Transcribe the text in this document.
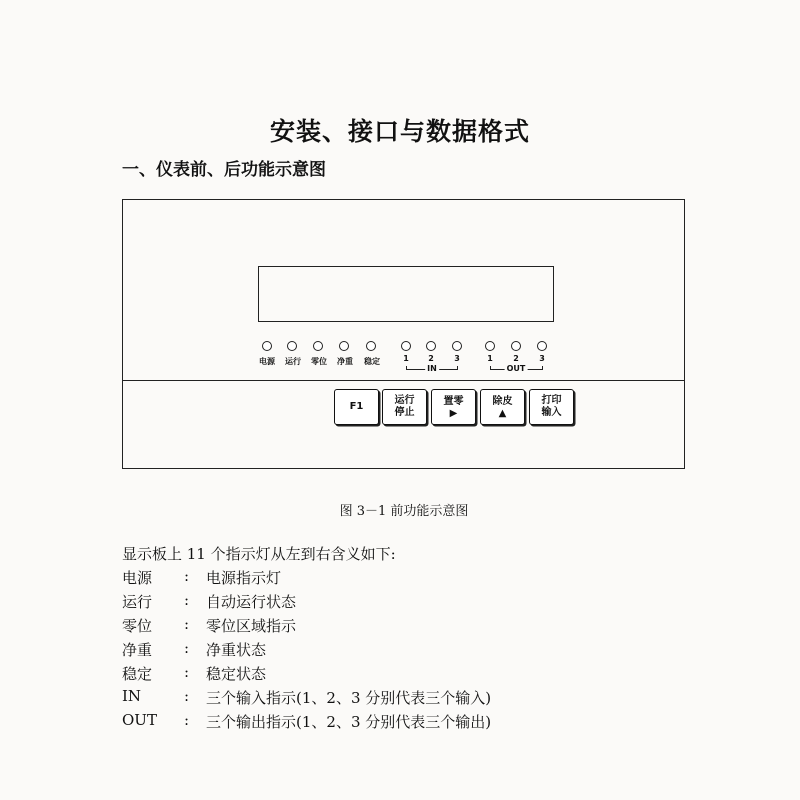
安装、接口与数据格式
一、仪表前、后功能示意图
电源 运行 零位 净重 稳定	1 2	3
IN
1	2	3
OUT
F1
运行
停止
置零
▶
除皮
▲
打印
输入
图 3－1 前功能示意图
显示板上 11 个指示灯从左到右含义如下:
电源 : 电源指示灯
运行 : 自动运行状态
零位 : 零位区域指示
净重 : 净重状态
稳定 : 稳定状态
IN	: 三个输入指示(1、2、3 分别代表三个输入)
OUT : 三个输出指示(1、2、3 分别代表三个输出)
